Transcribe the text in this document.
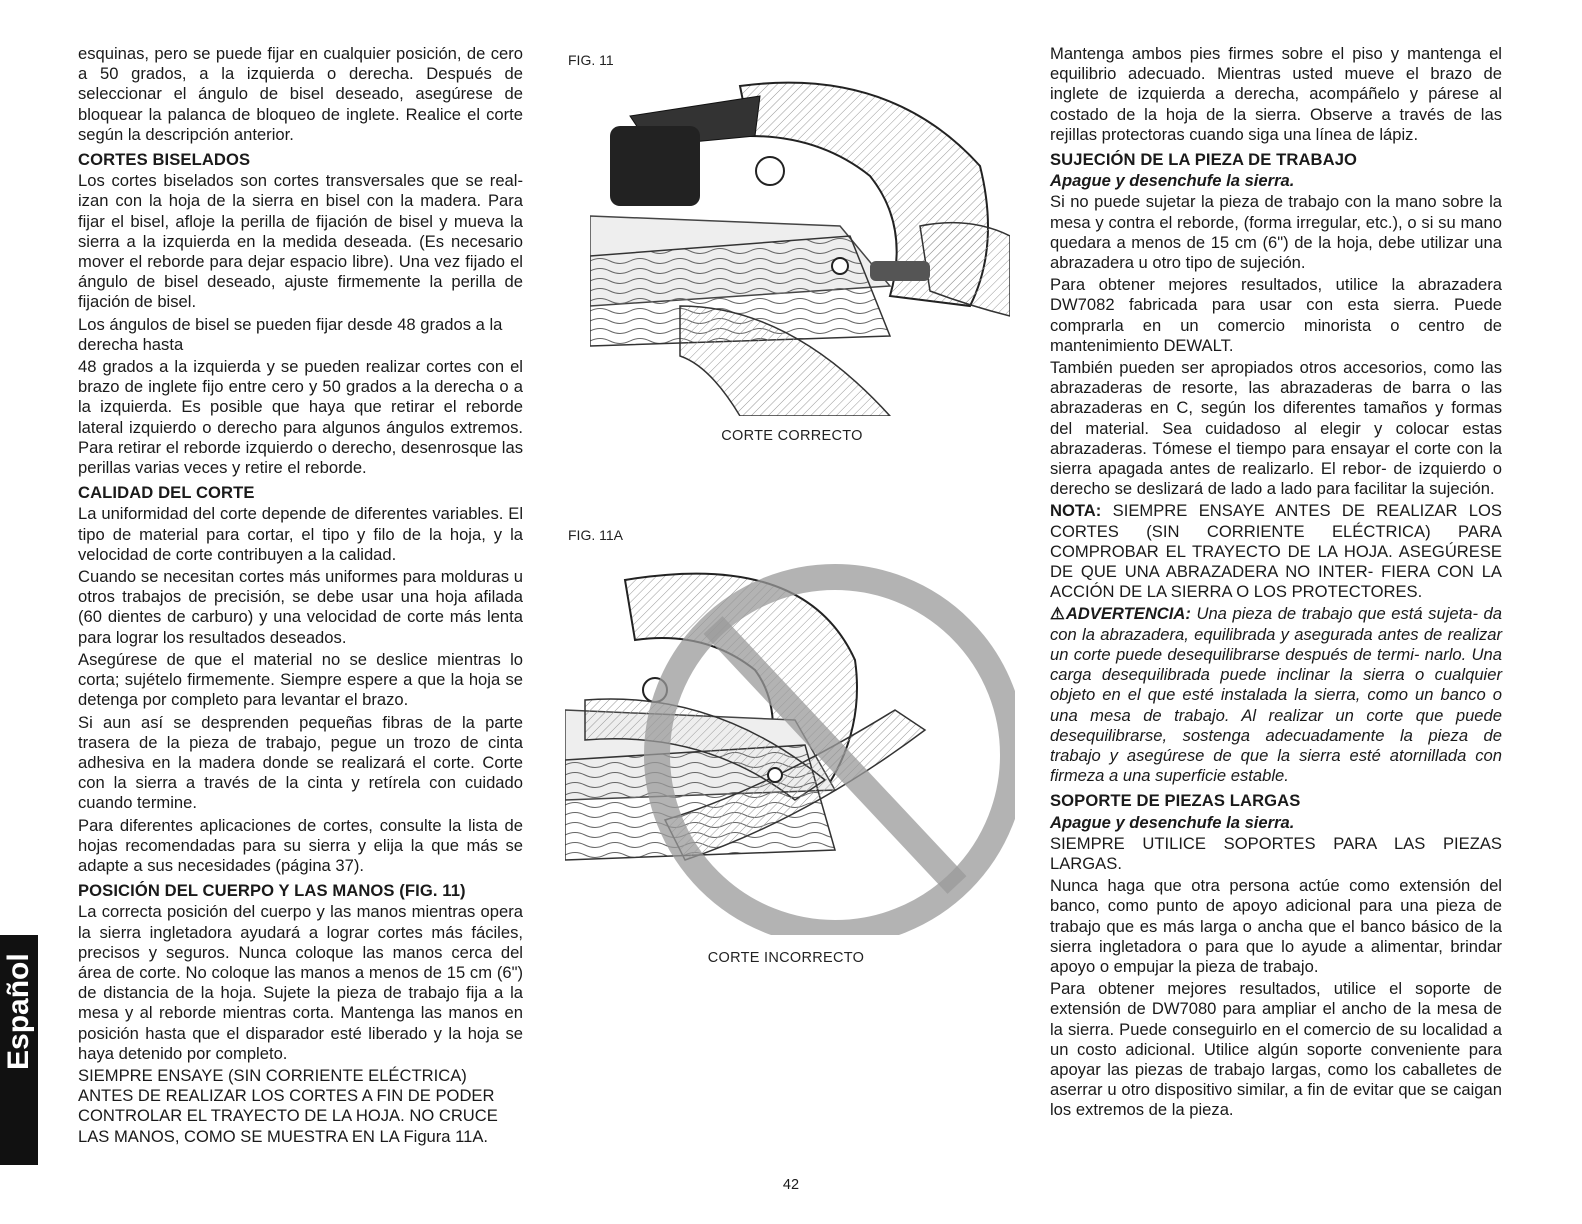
esquinas, pero se puede fijar en cualquier posición, de cero a 50 grados, a la izquierda o derecha. Después de seleccionar el ángulo de bisel deseado, asegúrese de bloquear la palanca de bloqueo de inglete. Realice el corte según la descripción anterior.

CORTES BISELADOS

Los cortes biselados son cortes transversales que se real- izan con la hoja de la sierra en bisel con la madera. Para fijar el bisel, afloje la perilla de fijación de bisel y mueva la sierra a la izquierda en la medida deseada. (Es necesario mover el reborde para dejar espacio libre). Una vez fijado el ángulo de bisel deseado, ajuste firmemente la perilla de fijación de bisel.

Los ángulos de bisel se pueden fijar desde 48 grados a la derecha hasta

48 grados a la izquierda y se pueden realizar cortes con el brazo de inglete fijo entre cero y 50 grados a la derecha o a la izquierda. Es posible que haya que retirar el reborde lateral izquierdo o derecho para algunos ángulos extremos. Para retirar el reborde izquierdo o derecho, desenrosque las perillas varias veces y retire el reborde.

CALIDAD DEL CORTE

La uniformidad del corte depende de diferentes variables. El tipo de material para cortar, el tipo y filo de la hoja, y la velocidad de corte contribuyen a la calidad.

Cuando se necesitan cortes más uniformes para molduras u otros trabajos de precisión, se debe usar una hoja afilada (60 dientes de carburo) y una velocidad de corte más lenta para lograr los resultados deseados.

Asegúrese de que el material no se deslice mientras lo corta; sujételo firmemente. Siempre espere a que la hoja se detenga por completo para levantar el brazo.

Si aun así se desprenden pequeñas fibras de la parte trasera de la pieza de trabajo, pegue un trozo de cinta adhesiva en la madera donde se realizará el corte. Corte con la sierra a través de la cinta y retírela con cuidado cuando termine.

Para diferentes aplicaciones de cortes, consulte la lista de hojas recomendadas para su sierra y elija la que más se adapte a sus necesidades (página 37).

POSICIÓN DEL CUERPO Y LAS MANOS (FIG. 11)

La correcta posición del cuerpo y las manos mientras opera la sierra ingletadora ayudará a lograr cortes más fáciles, precisos y seguros. Nunca coloque las manos cerca del área de corte. No coloque las manos a menos de 15 cm (6") de distancia de la hoja. Sujete la pieza de trabajo fija a la mesa y al reborde mientras corta. Mantenga las manos en posición hasta que el disparador esté liberado y la hoja se haya detenido por completo.

SIEMPRE ENSAYE (SIN CORRIENTE ELÉCTRICA) ANTES DE REALIZAR LOS CORTES A FIN DE PODER CONTROLAR EL TRAYECTO DE LA HOJA. NO CRUCE LAS MANOS, COMO SE MUESTRA EN LA Figura 11A.

FIG. 11
CORTE CORRECTO
FIG. 11A
CORTE INCORRECTO

Mantenga ambos pies firmes sobre el piso y mantenga el equilibrio adecuado. Mientras usted mueve el brazo de inglete de izquierda a derecha, acompáñelo y párese al costado de la hoja de la sierra. Observe a través de las rejillas protectoras cuando siga una línea de lápiz.

SUJECIÓN DE LA PIEZA DE TRABAJO

Apague y desenchufe la sierra.

Si no puede sujetar la pieza de trabajo con la mano sobre la mesa y contra el reborde, (forma irregular, etc.), o si su mano quedara a menos de 15 cm (6") de la hoja, debe utilizar una abrazadera u otro tipo de sujeción.

Para obtener mejores resultados, utilice la abrazadera DW7082 fabricada para usar con esta sierra. Puede comprarla en un comercio minorista o centro de mantenimiento DEWALT.

También pueden ser apropiados otros accesorios, como las abrazaderas de resorte, las abrazaderas de barra o las abrazaderas en C, según los diferentes tamaños y formas del material. Sea cuidadoso al elegir y colocar estas abrazaderas. Tómese el tiempo para ensayar el corte con la sierra apagada antes de realizarlo. El rebor- de izquierdo o derecho se deslizará de lado a lado para facilitar la sujeción.

NOTA: SIEMPRE ENSAYE ANTES DE REALIZAR LOS CORTES (SIN CORRIENTE ELÉCTRICA) PARA COMPROBAR EL TRAYECTO DE LA HOJA. ASEGÚRESE DE QUE UNA ABRAZADERA NO INTER- FIERA CON LA ACCIÓN DE LA SIERRA O LOS PROTECTORES.

⚠ADVERTENCIA: Una pieza de trabajo que está sujeta- da con la abrazadera, equilibrada y asegurada antes de realizar un corte puede desequilibrarse después de termi- narlo. Una carga desequilibrada puede inclinar la sierra o cualquier objeto en el que esté instalada la sierra, como un banco o una mesa de trabajo. Al realizar un corte que puede desequilibrarse, sostenga adecuadamente la pieza de trabajo y asegúrese de que la sierra esté atornillada con firmeza a una superficie estable.

SOPORTE DE PIEZAS LARGAS

Apague y desenchufe la sierra.

SIEMPRE UTILICE SOPORTES PARA LAS PIEZAS LARGAS.

Nunca haga que otra persona actúe como extensión del banco, como punto de apoyo adicional para una pieza de trabajo que es más larga o ancha que el banco básico de la sierra ingletadora o para que lo ayude a alimentar, brindar apoyo o empujar la pieza de trabajo.

Para obtener mejores resultados, utilice el soporte de extensión de DW7080 para ampliar el ancho de la mesa de la sierra. Puede conseguirlo en el comercio de su localidad a un costo adicional. Utilice algún soporte conveniente para apoyar las piezas de trabajo largas, como los caballetes de aserrar u otro dispositivo similar, a fin de evitar que se caigan los extremos de la pieza.

Español
42
